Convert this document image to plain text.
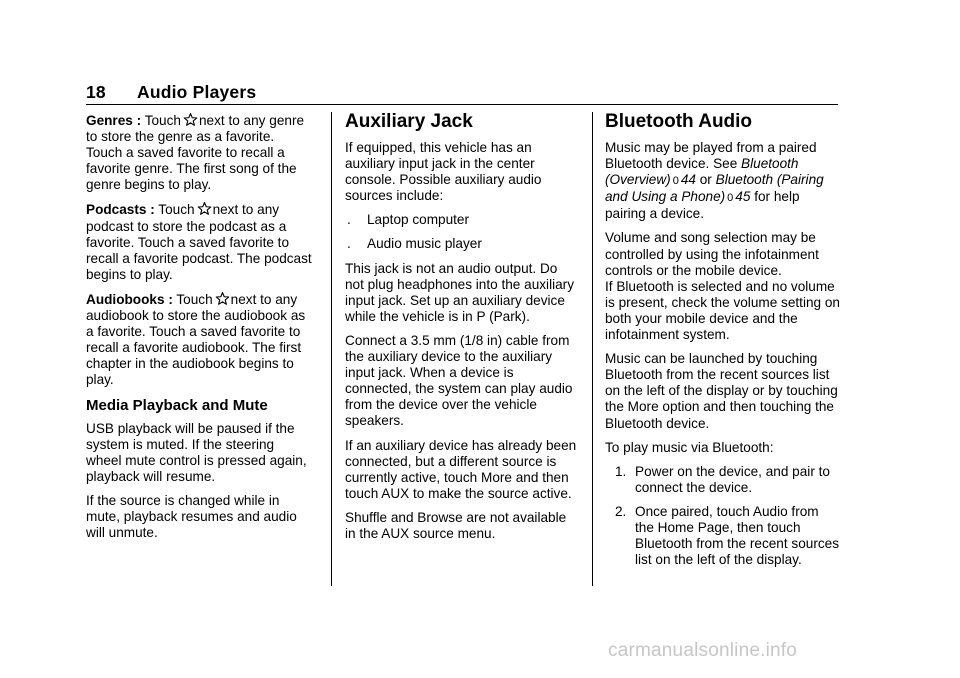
18 Audio Players

Genres : Touch next to any genre to store the genre as a favorite. Touch a saved favorite to recall a favorite genre. The first song of the genre begins to play.

Podcasts : Touch next to any podcast to store the podcast as a favorite. Touch a saved favorite to recall a favorite podcast. The podcast begins to play.

Audiobooks : Touch next to any audiobook to store the audiobook as a favorite. Touch a saved favorite to recall a favorite audiobook. The first chapter in the audiobook begins to play.

Media Playback and Mute

USB playback will be paused if the system is muted. If the steering wheel mute control is pressed again, playback will resume.

If the source is changed while in mute, playback resumes and audio will unmute.

Auxiliary Jack

If equipped, this vehicle has an auxiliary input jack in the center console. Possible auxiliary audio sources include:

. Laptop computer
. Audio music player

This jack is not an audio output. Do not plug headphones into the auxiliary input jack. Set up an auxiliary device while the vehicle is in P (Park).

Connect a 3.5 mm (1/8 in) cable from the auxiliary device to the auxiliary input jack. When a device is connected, the system can play audio from the device over the vehicle speakers.

If an auxiliary device has already been connected, but a different source is currently active, touch More and then touch AUX to make the source active.

Shuffle and Browse are not available in the AUX source menu.

Bluetooth Audio

Music may be played from a paired Bluetooth device. See Bluetooth (Overview) 0 44 or Bluetooth (Pairing and Using a Phone) 0 45 for help pairing a device.

Volume and song selection may be controlled by using the infotainment controls or the mobile device.

If Bluetooth is selected and no volume is present, check the volume setting on both your mobile device and the infotainment system.

Music can be launched by touching Bluetooth from the recent sources list on the left of the display or by touching the More option and then touching the Bluetooth device.

To play music via Bluetooth:

1. Power on the device, and pair to connect the device.
2. Once paired, touch Audio from the Home Page, then touch Bluetooth from the recent sources list on the left of the display.
carmanualsonline.info
